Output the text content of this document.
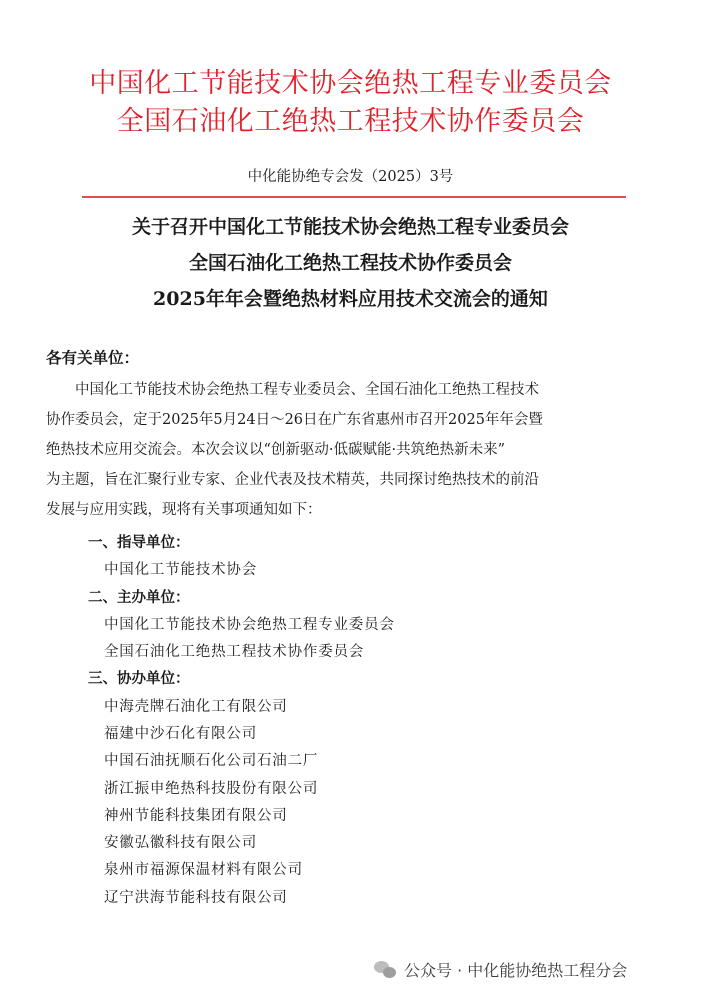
中国化工节能技术协会绝热工程专业委员会
全国石油化工绝热工程技术协作委员会
中化能协绝专会发（2025）3号
关于召开中国化工节能技术协会绝热工程专业委员会
全国石油化工绝热工程技术协作委员会
2025年年会暨绝热材料应用技术交流会的通知
各有关单位：
中国化工节能技术协会绝热工程专业委员会、全国石油化工绝热工程技术
协作委员会，定于2025年5月24日～26日在广东省惠州市召开2025年年会暨
绝热技术应用交流会。本次会议以“创新驱动·低碳赋能·共筑绝热新未来”
为主题，旨在汇聚行业专家、企业代表及技术精英，共同探讨绝热技术的前沿
发展与应用实践，现将有关事项通知如下：
一、指导单位：
中国化工节能技术协会
二、主办单位：
中国化工节能技术协会绝热工程专业委员会
全国石油化工绝热工程技术协作委员会
三、协办单位：
中海壳牌石油化工有限公司
福建中沙石化有限公司
中国石油抚顺石化公司石油二厂
浙江振申绝热科技股份有限公司
神州节能科技集团有限公司
安徽弘徽科技有限公司
泉州市福源保温材料有限公司
辽宁洪海节能科技有限公司
公众号 · 中化能协绝热工程分会
